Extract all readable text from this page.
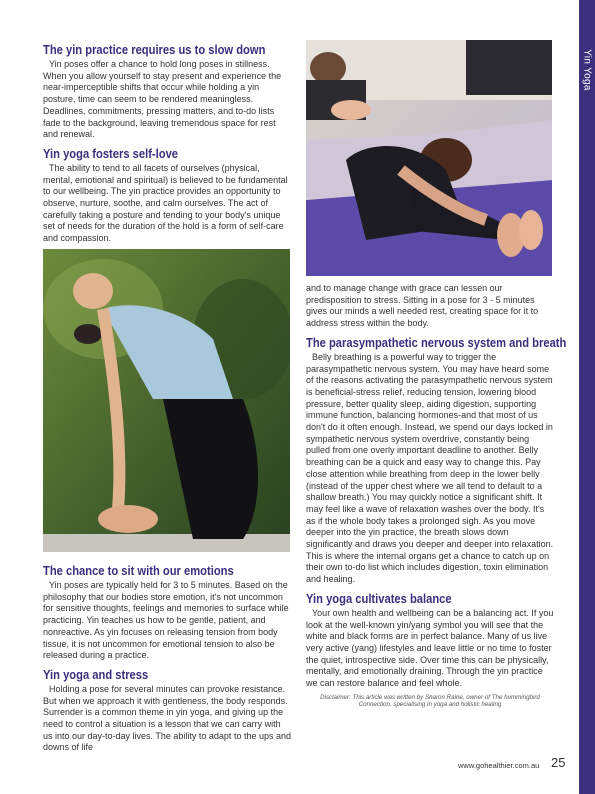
Yin Yoga
The yin practice requires us to slow down

Yin poses offer a chance to hold long poses in stillness. When you allow yourself to stay present and experience the near-imperceptible shifts that occur while holding a yin posture, time can seem to be rendered meaningless. Deadlines, commitments, pressing matters, and to-do lists fade to the background, leaving tremendous space for rest and renewal.

Yin yoga fosters self-love

The ability to tend to all facets of ourselves (physical, mental, emotional and spiritual) is believed to be fundamental to our wellbeing. The yin practice provides an opportunity to observe, nurture, soothe, and calm ourselves. The act of carefully taking a posture and tending to your body's unique set of needs for the duration of the hold is a form of self-care and compassion.

The chance to sit with our emotions

Yin poses are typically held for 3 to 5 minutes. Based on the philosophy that our bodies store emotion, it's not uncommon for sensitive thoughts, feelings and memories to surface while practicing. Yin teaches us how to be gentle, patient, and nonreactive. As yin focuses on releasing tension from body tissue, it is not uncommon for emotional tension to also be released during a practice.

Yin yoga and stress

Holding a pose for several minutes can provoke resistance. But when we approach it with gentleness, the body responds. Surrender is a common theme in yin yoga, and giving up the need to control a situation is a lesson that we can carry with us into our day-to-day lives. The ability to adapt to the ups and downs of life

and to manage change with grace can lessen our predisposition to stress. Sitting in a pose for 3 - 5 minutes gives our minds a well needed rest, creating space for it to address stress within the body.

The parasympathetic nervous system and breath

Belly breathing is a powerful way to trigger the parasympathetic nervous system. You may have heard some of the reasons activating the parasympathetic nervous system is beneficial-stress relief, reducing tension, lowering blood pressure, better quality sleep, aiding digestion, supporting immune function, balancing hormones-and that most of us don't do it often enough. Instead, we spend our days locked in sympathetic nervous system overdrive, constantly being pulled from one overly important deadline to another. Belly breathing can be a quick and easy way to change this. Pay close attention while breathing from deep in the lower belly (instead of the upper chest where we all tend to default to a shallow breath.) You may quickly notice a significant shift. It may feel like a wave of relaxation washes over the body. It's as if the whole body takes a prolonged sigh. As you move deeper into the yin practice, the breath slows down significantly and draws you deeper and deeper into relaxation. This is where the internal organs get a chance to catch up on their own to-do list which includes digestion, toxin elimination and healing.

Yin yoga cultivates balance

Your own health and wellbeing can be a balancing act. If you look at the well-known yin/yang symbol you will see that the white and black forms are in perfect balance. Many of us live very active (yang) lifestyles and leave little or no time to foster the quiet, introspective side. Over time this can be physically, mentally, and emotionally draining. Through the yin practice we can restore balance and feel whole.

Disclaimer: This article was written by Sharon Raine, owner of The hummingbird Connection, specialising in yoga and holistic healing

www.gohealthier.com.au 25
